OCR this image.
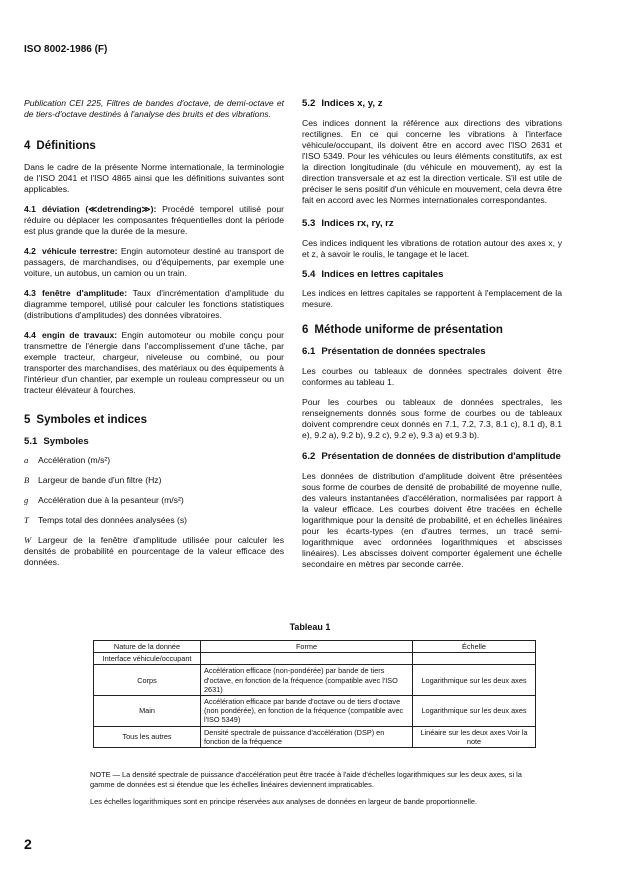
ISO 8002-1986 (F)

Publication CEI 225, Filtres de bandes d'octave, de demi-octave et de tiers-d'octave destinés à l'analyse des bruits et des vibrations.

4 Définitions

Dans le cadre de la présente Norme internationale, la terminologie de l'ISO 2041 et l'ISO 4865 ainsi que les définitions suivantes sont applicables.

4.1 déviation (≪detrending≫): Procédé temporel utilisé pour réduire ou déplacer les composantes fréquentielles dont la période est plus grande que la durée de la mesure.

4.2 véhicule terrestre: Engin automoteur destiné au transport de passagers, de marchandises, ou d'équipements, par exemple une voiture, un autobus, un camion ou un train.

4.3 fenêtre d'amplitude: Taux d'incrémentation d'amplitude du diagramme temporel, utilisé pour calculer les fonctions statistiques (distributions d'amplitudes) des données vibratoires.

4.4 engin de travaux: Engin automoteur ou mobile conçu pour transmettre de l'énergie dans l'accomplissement d'une tâche, par exemple tracteur, chargeur, niveleuse ou combiné, ou pour transporter des marchandises, des matériaux ou des équipements à l'intérieur d'un chantier, par exemple un rouleau compresseur ou un tracteur élévateur à fourches.

5 Symboles et indices
5.1 Symboles

a Accélération (m/s²)

B Largeur de bande d'un filtre (Hz)

g Accélération due à la pesanteur (m/s²)

T Temps total des données analysées (s)

W Largeur de la fenêtre d'amplitude utilisée pour calculer les densités de probabilité en pourcentage de la valeur efficace des données.

5.2 Indices x, y, z

Ces indices donnent la référence aux directions des vibrations rectilignes. En ce qui concerne les vibrations à l'interface véhicule/occupant, ils doivent être en accord avec l'ISO 2631 et l'ISO 5349. Pour les véhicules ou leurs éléments constitutifs, ax est la direction longitudinale (du véhicule en mouvement), ay est la direction transversale et az est la direction verticale. S'il est utile de préciser le sens positif d'un véhicule en mouvement, cela devra être fait en accord avec les Normes internationales correspondantes.

5.3 Indices rx, ry, rz

Ces indices indiquent les vibrations de rotation autour des axes x, y et z, à savoir le roulis, le tangage et le lacet.

5.4 Indices en lettres capitales

Les indices en lettres capitales se rapportent à l'emplacement de la mesure.

6 Méthode uniforme de présentation
6.1 Présentation de données spectrales

Les courbes ou tableaux de données spectrales doivent être conformes au tableau 1.

Pour les courbes ou tableaux de données spectrales, les renseignements donnés sous forme de courbes ou de tableaux doivent comprendre ceux donnés en 7.1, 7.2, 7.3, 8.1 c), 8.1 d), 8.1 e), 9.2 a), 9.2 b), 9.2 c), 9.2 e), 9.3 a) et 9.3 b).

6.2 Présentation de données de distribution d'amplitude

Les données de distribution d'amplitude doivent être présentées sous forme de courbes de densité de probabilité de moyenne nulle, des valeurs instantanées d'accélération, normalisées par rapport à la valeur efficace. Les courbes doivent être tracées en échelle logarithmique pour la densité de probabilité, et en échelles linéaires pour les écarts-types (en d'autres termes, un tracé semi-logarithmique avec ordonnées logarithmiques et abscisses linéaires). Les abscisses doivent comporter également une échelle secondaire en mètres par seconde carrée.

Tableau 1
Nature de la donnée	Forme	Échelle
Interface véhicule/occupant		
Corps	Accélération efficace (non-pondérée) par bande de tiers d'octave, en fonction de la fréquence (compatible avec l'ISO 2631)	Logarithmique sur les deux axes
Main	Accélération efficace par bande d'octave ou de tiers d'octave (non pondérée), en fonction de la fréquence (compatible avec l'ISO 5349)	Logarithmique sur les deux axes
Tous les autres	Densité spectrale de puissance d'accélération (DSP) en fonction de la fréquence	Linéaire sur les deux axes Voir la note
NOTE — La densité spectrale de puissance d'accélération peut être tracée à l'aide d'échelles logarithmiques sur les deux axes, si la gamme de données est si étendue que les échelles linéaires deviennent impraticables.
Les échelles logarithmiques sont en principe réservées aux analyses de données en largeur de bande proportionnelle.
2
